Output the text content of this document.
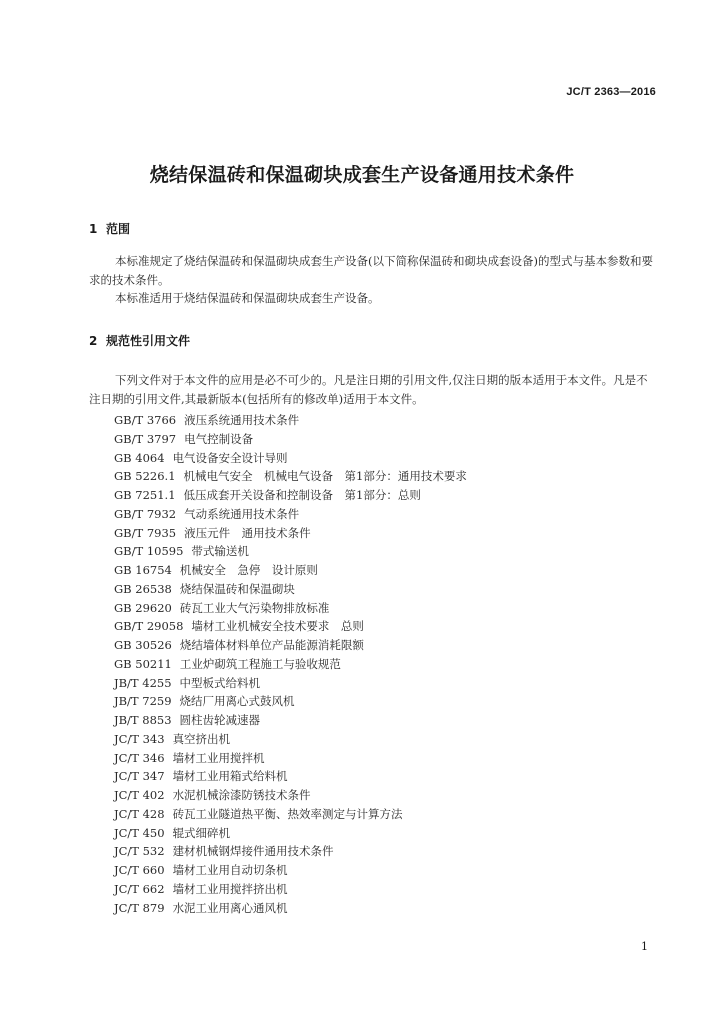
JC/T 2363—2016
烧结保温砖和保温砌块成套生产设备通用技术条件
1 范围

本标准规定了烧结保温砖和保温砌块成套生产设备(以下简称保温砖和砌块成套设备)的型式与基本参数和要求的技术条件。

本标准适用于烧结保温砖和保温砌块成套生产设备。

2 规范性引用文件

下列文件对于本文件的应用是必不可少的。凡是注日期的引用文件,仅注日期的版本适用于本文件。凡是不注日期的引用文件,其最新版本(包括所有的修改单)适用于本文件。

GB/T 3766 液压系统通用技术条件
GB/T 3797 电气控制设备
GB 4064 电气设备安全设计导则
GB 5226.1 机械电气安全　机械电气设备　第1部分：通用技术要求
GB 7251.1 低压成套开关设备和控制设备　第1部分：总则
GB/T 7932 气动系统通用技术条件
GB/T 7935 液压元件　通用技术条件
GB/T 10595 带式输送机
GB 16754 机械安全　急停　设计原则
GB 26538 烧结保温砖和保温砌块
GB 29620 砖瓦工业大气污染物排放标准
GB/T 29058 墙材工业机械安全技术要求　总则
GB 30526 烧结墙体材料单位产品能源消耗限额
GB 50211 工业炉砌筑工程施工与验收规范
JB/T 4255 中型板式给料机
JB/T 7259 烧结厂用离心式鼓风机
JB/T 8853 圆柱齿轮减速器
JC/T 343 真空挤出机
JC/T 346 墙材工业用搅拌机
JC/T 347 墙材工业用箱式给料机
JC/T 402 水泥机械涂漆防锈技术条件
JC/T 428 砖瓦工业隧道热平衡、热效率测定与计算方法
JC/T 450 辊式细碎机
JC/T 532 建材机械钢焊接件通用技术条件
JC/T 660 墙材工业用自动切条机
JC/T 662 墙材工业用搅拌挤出机
JC/T 879 水泥工业用离心通风机
1
